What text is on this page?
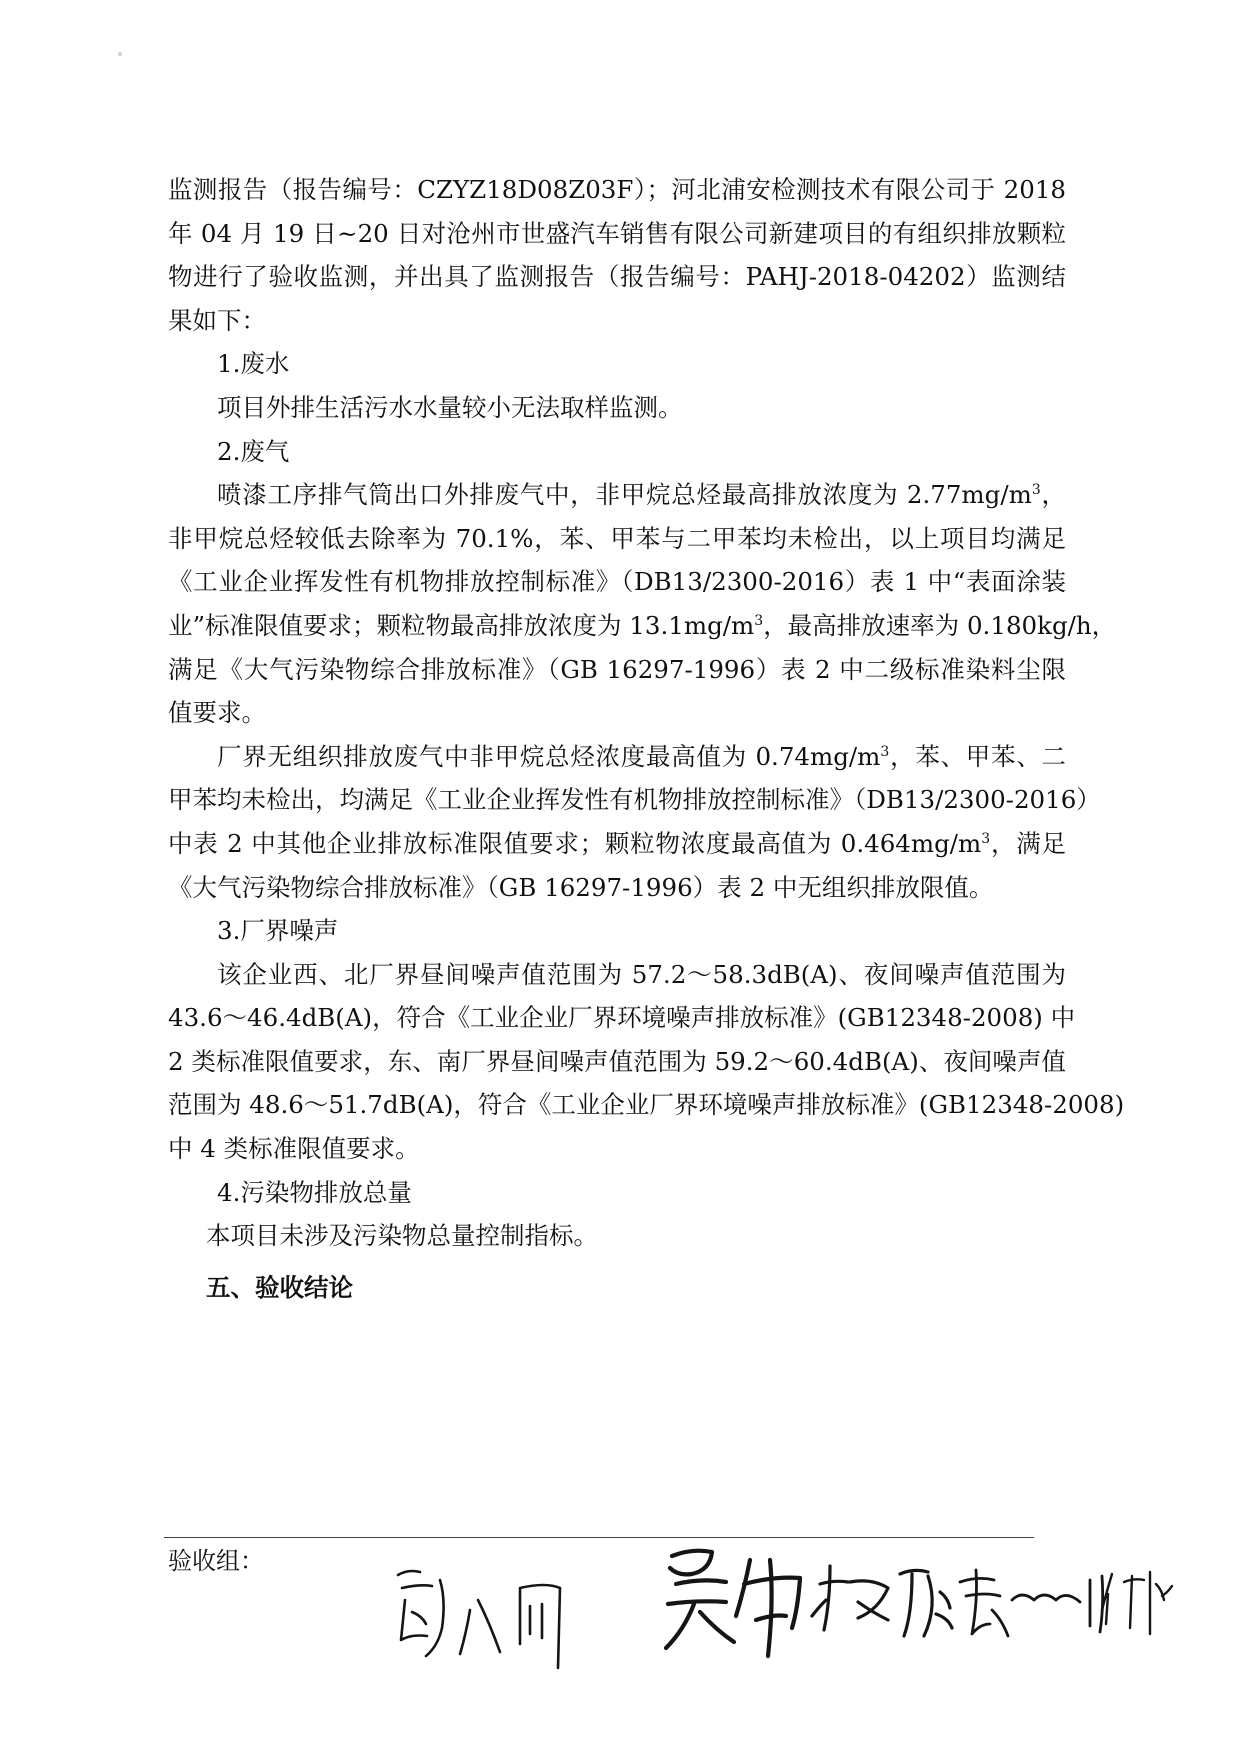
监测报告（报告编号：CZYZ18D08Z03F）；河北浦安检测技术有限公司于 2018
年 04 月 19 日~20 日对沧州市世盛汽车销售有限公司新建项目的有组织排放颗粒
物进行了验收监测，并出具了监测报告（报告编号：PAHJ-2018-04202）监测结
果如下：
1.废水
项目外排生活污水水量较小无法取样监测。
2.废气
喷漆工序排气筒出口外排废气中，非甲烷总烃最高排放浓度为 $2.77mg/m^3$，
非甲烷总烃较低去除率为 70.1%，苯、甲苯与二甲苯均未检出，以上项目均满足
《工业企业挥发性有机物排放控制标准》（DB13/2300-2016）表 1 中“表面涂装
业”标准限值要求；颗粒物最高排放浓度为 $13.1mg/m^3$，最高排放速率为 0.180kg/h，
满足《大气污染物综合排放标准》（GB 16297-1996）表 2 中二级标准染料尘限
值要求。
厂界无组织排放废气中非甲烷总烃浓度最高值为 $0.74mg/m^3$，苯、甲苯、二
甲苯均未检出，均满足《工业企业挥发性有机物排放控制标准》（DB13/2300-2016）
中表 2 中其他企业排放标准限值要求；颗粒物浓度最高值为 $0.464mg/m^3$，满足
《大气污染物综合排放标准》（GB 16297-1996）表 2 中无组织排放限值。
3.厂界噪声
该企业西、北厂界昼间噪声值范围为 57.2～58.3dB(A)、夜间噪声值范围为
43.6～46.4dB(A)，符合《工业企业厂界环境噪声排放标准》(GB12348-2008) 中
2 类标准限值要求，东、南厂界昼间噪声值范围为 59.2～60.4dB(A)、夜间噪声值
范围为 48.6～51.7dB(A)，符合《工业企业厂界环境噪声排放标准》(GB12348-2008)
中 4 类标准限值要求。
4.污染物排放总量
本项目未涉及污染物总量控制指标。
五、验收结论
验收组：
